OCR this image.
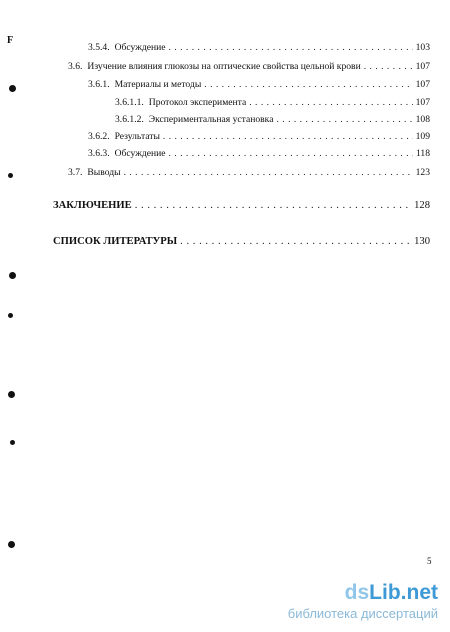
F
3.5.4. Обсуждение . . .	103
3.6. Изучение влияния глюкозы на оптические свойства цельной крови . . .	107
3.6.1. Материалы и методы . . .	107
3.6.1.1. Протокол эксперимента . . .	107
3.6.1.2. Экспериментальная установка . . .	108
3.6.2. Результаты . . .	109
3.6.3. Обсуждение . . .	118
3.7. Выводы . . .	123
ЗАКЛЮЧЕНИЕ . . .	128
СПИСОК ЛИТЕРАТУРЫ . . .	130
5
dsLib.net
библиотека диссертаций
